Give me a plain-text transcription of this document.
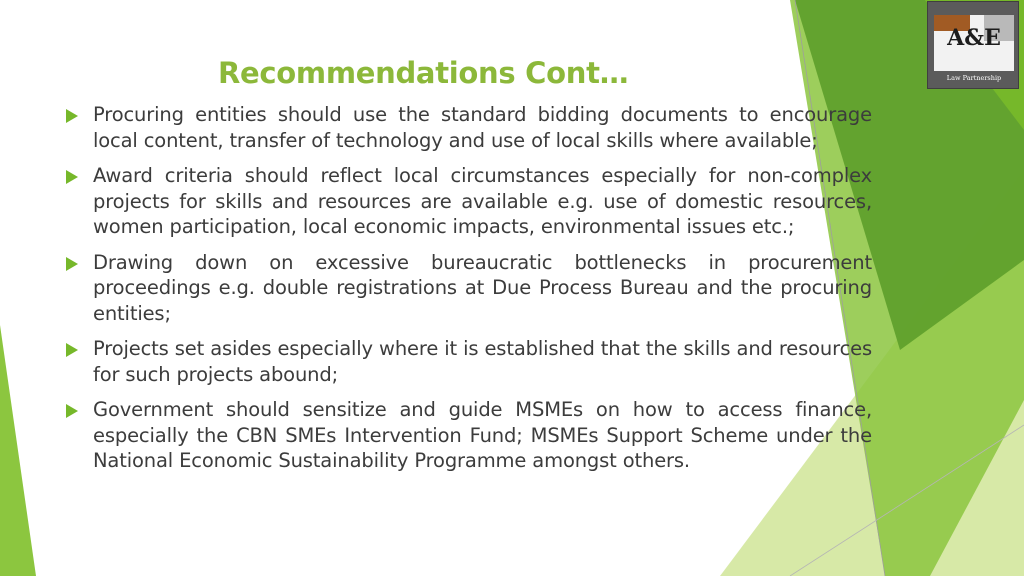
A&E
Law Partnership
Recommendations Cont…
Procuring entities should use the standard bidding documents to encourage local content, transfer of technology and use of local skills where available;
Award criteria should reflect local circumstances especially for non-complex projects for skills and resources are available e.g. use of domestic resources, women participation, local economic impacts, environmental issues etc.;
Drawing down on excessive bureaucratic bottlenecks in procurement proceedings e.g. double registrations at Due Process Bureau and the procuring entities;
Projects set asides especially where it is established that the skills and resources for such projects abound;
Government should sensitize and guide MSMEs on how to access finance, especially the CBN SMEs Intervention Fund; MSMEs Support Scheme under the National Economic Sustainability Programme amongst others.
